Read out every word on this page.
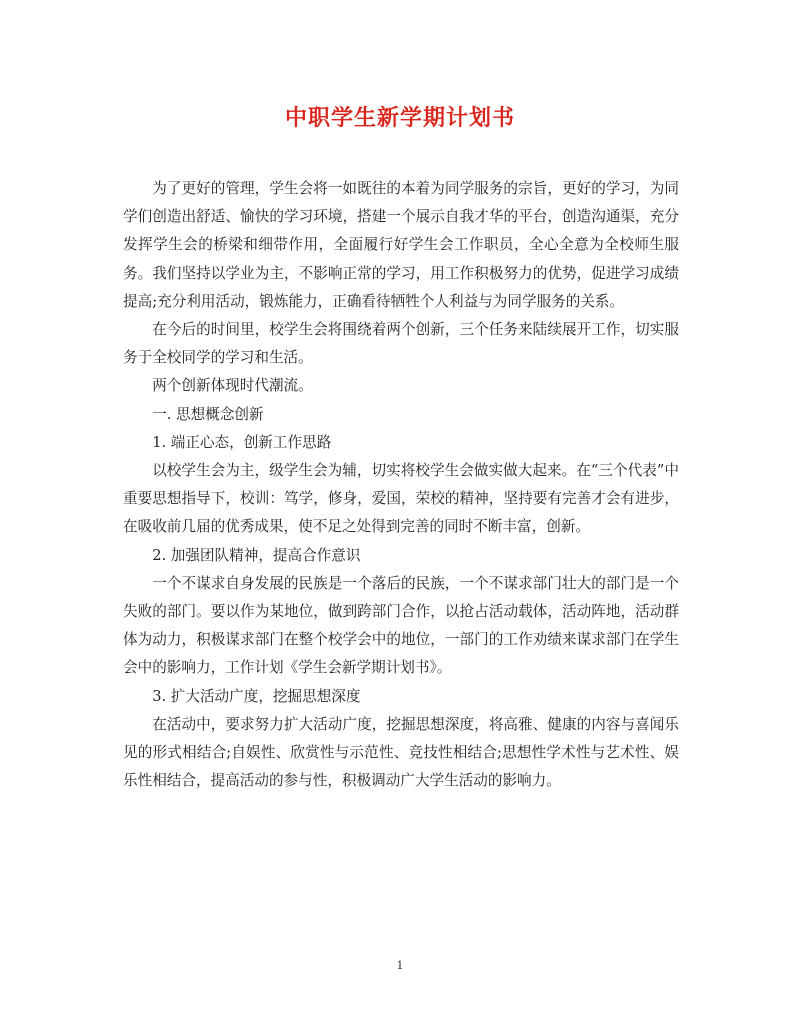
中职学生新学期计划书

为了更好的管理，学生会将一如既往的本着为同学服务的宗旨，更好的学习，为同学们创造出舒适、愉快的学习环境，搭建一个展示自我才华的平台，创造沟通渠，充分发挥学生会的桥梁和细带作用，全面履行好学生会工作职员，全心全意为全校师生服务。我们坚持以学业为主，不影响正常的学习，用工作积极努力的优势，促进学习成绩提高;充分利用活动，锻炼能力，正确看待牺牲个人利益与为同学服务的关系。

在今后的时间里，校学生会将围绕着两个创新，三个任务来陆续展开工作，切实服务于全校同学的学习和生活。

两个创新体现时代潮流。

一. 思想概念创新

1. 端正心态，创新工作思路

以校学生会为主，级学生会为辅，切实将校学生会做实做大起来。在“三个代表”中重要思想指导下，校训：笃学，修身，爱国，荣校的精神，坚持要有完善才会有进步，在吸收前几届的优秀成果，使不足之处得到完善的同时不断丰富，创新。

2. 加强团队精神，提高合作意识

一个不谋求自身发展的民族是一个落后的民族，一个不谋求部门壮大的部门是一个失败的部门。要以作为某地位，做到跨部门合作，以抢占活动载体，活动阵地，活动群体为动力，积极谋求部门在整个校学会中的地位，一部门的工作劝绩来谋求部门在学生会中的影响力，工作计划《学生会新学期计划书》。

3. 扩大活动广度，挖掘思想深度

在活动中，要求努力扩大活动广度，挖掘思想深度，将高雅、健康的内容与喜闻乐见的形式相结合;自娱性、欣赏性与示范性、竞技性相结合;思想性学术性与艺术性、娱乐性相结合，提高活动的参与性，积极调动广大学生活动的影响力。

1
